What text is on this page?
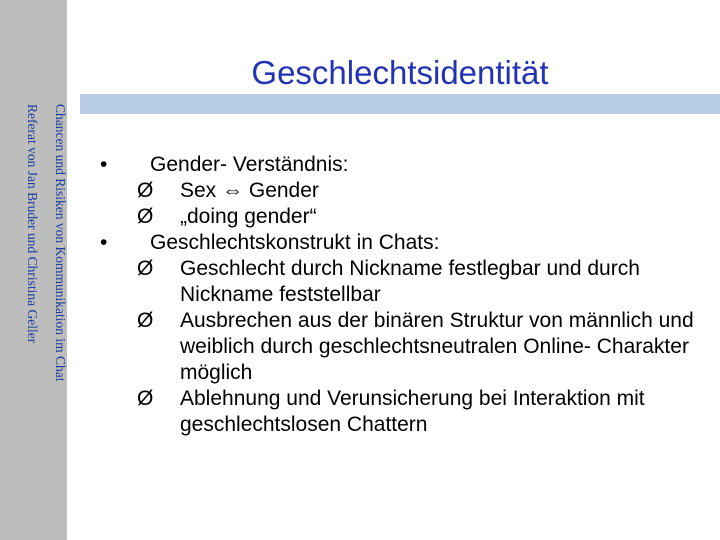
Chancen und Risiken von Kommunikation im Chat
Referat von Jan Bruder und Christina Geller
Geschlechtsidentität
• Gender- Verständnis:
Ø Sex ⇔ Gender
Ø „doing gender“
• Geschlechtskonstrukt in Chats:
Ø Geschlecht durch Nickname festlegbar und durch Nickname feststellbar
Ø Ausbrechen aus der binären Struktur von männlich und weiblich durch geschlechtsneutralen Online- Charakter möglich
Ø Ablehnung und Verunsicherung bei Interaktion mit geschlechtslosen Chattern
